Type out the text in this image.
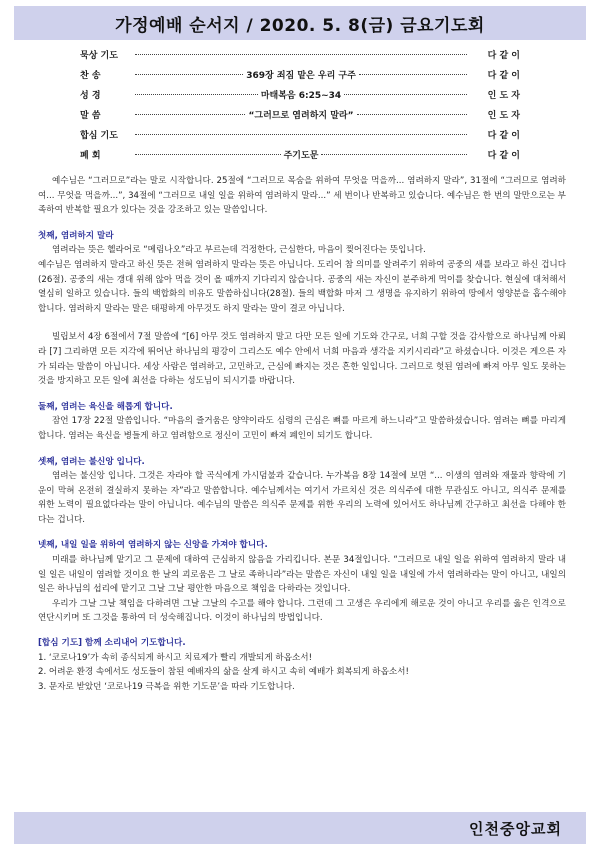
가정예배 순서지 / 2020. 5. 8(금) 금요기도회
묵상 기도	다 같 이
찬 송	369장 죄짐 맡은 우리 구주	다 같 이
성 경	마태복음 6:25~34	인 도 자
말 씀	“그러므로 염려하지 말라”	인 도 자
합심 기도	다 같 이
폐 회	주기도문	다 같 이

예수님은 “그러므로”라는 말로 시작합니다. 25절에 “그러므로 목숨을 위하여 무엇을 먹을까... 염려하지 말라”, 31절에 “그러므로 염려하여... 무엇을 먹을까...”, 34절에 “그러므로 내일 일을 위하여 염려하지 말라...” 세 번이나 반복하고 있습니다. 예수님은 한 번의 말만으로는 부족하여 반복할 필요가 있다는 것을 강조하고 있는 말씀입니다.

첫째, 염려하지 말라

염려라는 뜻은 헬라어로 “메림나오”라고 부르는데 걱정한다, 근심한다, 마음이 찢어진다는 뜻입니다.

예수님은 염려하지 말라고 하신 뜻은 전혀 염려하지 말라는 뜻은 아닙니다. 도리어 참 의미를 알려주기 위하여 공중의 새를 보라고 하신 겁니다(26절). 공중의 새는 갱대 위해 않아 먹을 것이 올 때까지 기다리지 않습니다. 공중의 새는 자신이 분주하게 먹이를 찾습니다. 현실에 대처해서 열심히 일하고 있습니다. 들의 백합화의 비유도 말씀하십니다(28절). 들의 백합화 마저 그 생명을 유지하기 위하여 땅에서 영양분을 흡수해야 합니다. 염려하지 말라는 말은 태평하게 아무것도 하지 말라는 말이 결코 아닙니다.

빌립보서 4장 6절에서 7절 말씀에 “[6] 아무 것도 염려하지 말고 다만 모든 일에 기도와 간구로, 너희 구할 것을 감사함으로 하나님께 아뢰라 [7] 그리하면 모든 지각에 뛰어난 하나님의 평강이 그리스도 예수 안에서 너희 마음과 생각을 지키시리라”고 하셨습니다. 이것은 게으른 자가 되라는 말씀이 아닙니다. 세상 사람은 염려하고, 고민하고, 근심에 빠지는 것은 흔한 일입니다. 그러므로 헛된 염려에 빠져 아무 일도 못하는 것을 방지하고 모든 일에 최선을 다하는 성도님이 되시기를 바랍니다.

둘째, 염려는 육신을 해롭게 합니다.

잠언 17장 22절 말씀입니다. “마음의 즐거움은 양약이라도 심령의 근심은 뼈를 마르게 하느니라”고 말씀하셨습니다. 염려는 뼈를 마리게 합니다. 염려는 육신을 병들게 하고 염려함으로 정신이 고민이 빠져 폐인이 되기도 합니다.

셋째, 염려는 불신앙 입니다.

염려는 불신앙 입니다. 그것은 자라야 할 곡식에게 가시덤불과 같습니다. 누가복음 8장 14절에 보면 “... 이생의 염려와 재물과 향락에 기운이 막혀 온전히 결실하지 못하는 자”라고 말씀합니다. 예수님께서는 여기서 가르치신 것은 의식주에 대한 무관심도 아니고, 의식주 문제를 위한 노력이 필요없다라는 말이 아닙니다. 예수님의 말씀은 의식주 문제를 위한 우리의 노력에 있어서도 하나님께 간구하고 최선을 다해야 한다는 겁니다.

넷째, 내일 일을 위하여 염려하지 않는 신앙을 가져야 합니다.

미래를 하나님께 맡기고 그 문제에 대하여 근심하지 않음을 가리킵니다. 본문 34절입니다. “그러므로 내일 일을 위하여 염려하지 말라 내일 일은 내일이 염려할 것이요 한 날의 괴로움은 그 날로 족하니라”라는 말씀은 자신이 내일 일을 내일에 가서 염려하라는 말이 아니고, 내일의 일은 하나님의 섭리에 맡기고 그날 그날 평안한 마음으로 책임을 다하라는 것입니다.

우리가 그날 그날 책임을 다하려면 그날 그날의 수고를 해야 합니다. 그런데 그 고생은 우리에게 해로운 것이 아니고 우리를 옳은 인격으로 연단시키며 또 그것을 통하여 더 성숙해집니다. 이것이 하나님의 방법입니다.

[합심 기도] 함께 소리내어 기도합니다.

1. ‘코로나19’가 속히 종식되게 하시고 치료제가 빨리 개발되게 하옵소서!

2. 어려운 환경 속에서도 성도들이 참된 예배자의 삶을 살게 하시고 속히 예배가 회복되게 하옵소서!

3. 문자로 받았던 ‘코로나19 극복을 위한 기도문’을 따라 기도합니다.

인천중앙교회
